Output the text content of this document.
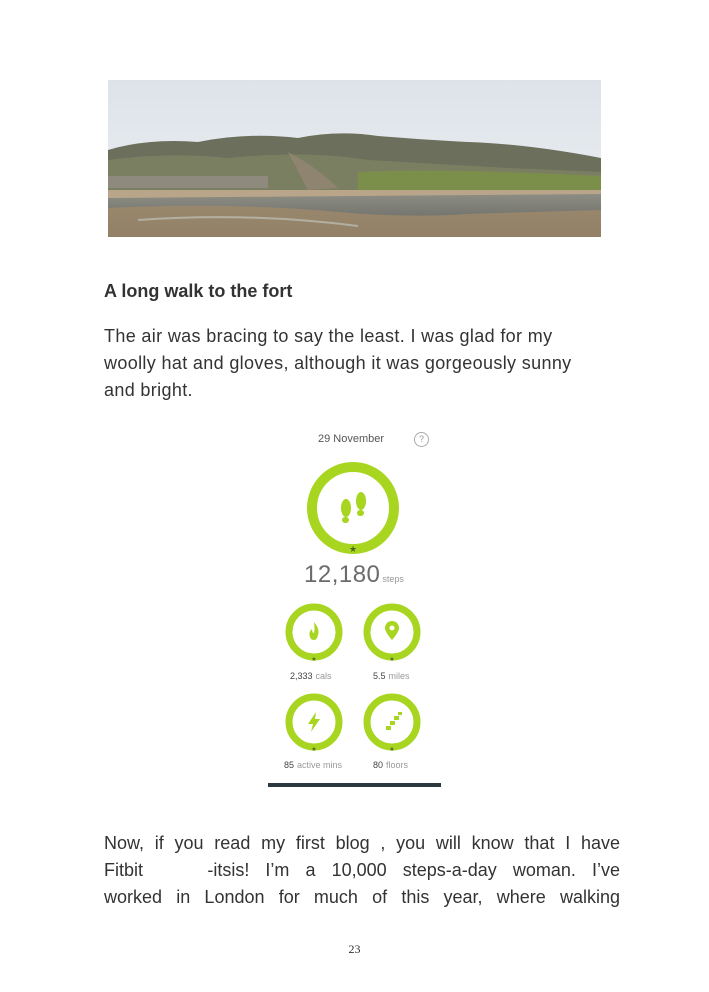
A long walk to the fort

The air was bracing to say the least. I was glad for my
woolly hat and gloves, although it was gorgeously sunny
and bright.

29 November	?
★
12,180 steps
★	★
2,333 cals	5.5 miles
★	★
85 active mins	80 floors

Now, if you read my first blog , you will know that I have
Fitbit    -itsis! I’m a 10,000 steps-a-day woman. I’ve
worked in London for much of this year, where walking

23
